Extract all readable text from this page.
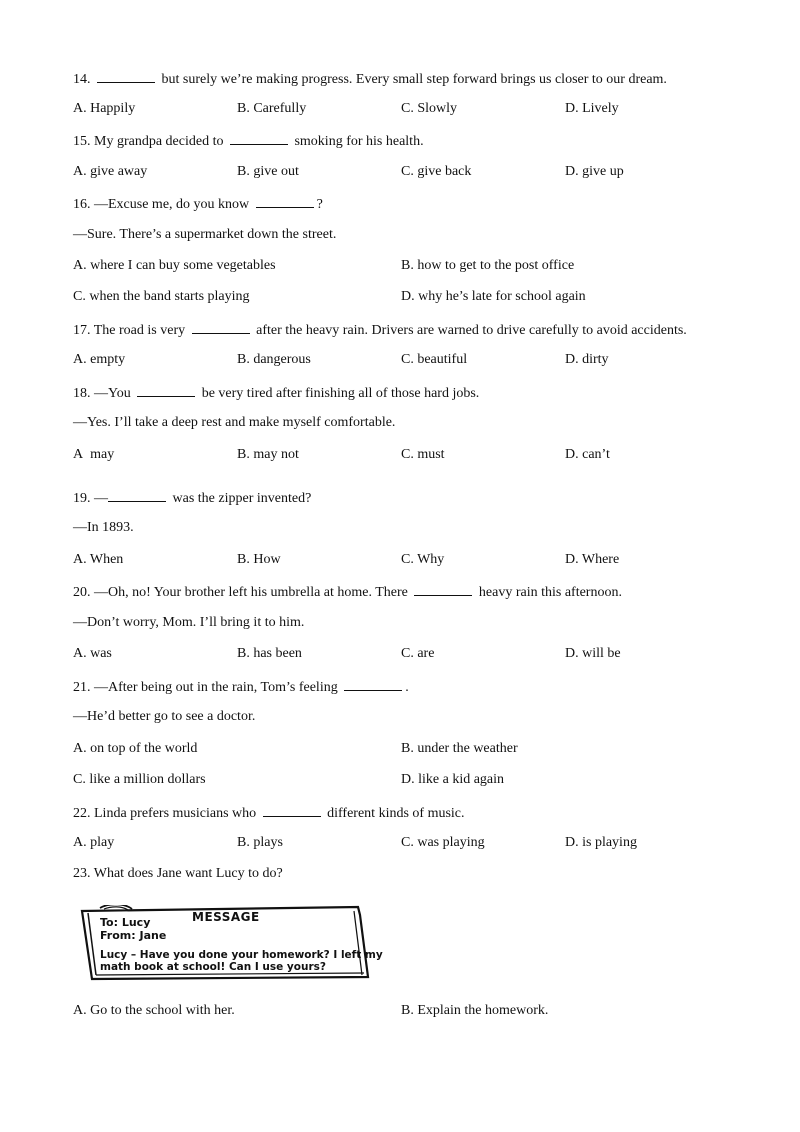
14.	but surely we’re making progress. Every small step forward brings us closer to our dream.
A. Happily	B. Carefully	C. Slowly	D. Lively
15. My grandpa decided to	smoking for his health.
A. give away	B. give out	C. give back	D. give up
16. —Excuse me, do you know	?
—Sure. There’s a supermarket down the street.
A. where I can buy some vegetables	B. how to get to the post office
C. when the band starts playing	D. why he’s late for school again
17. The road is very	after the heavy rain. Drivers are warned to drive carefully to avoid accidents.
A. empty	B. dangerous	C. beautiful	D. dirty
18. —You	be very tired after finishing all of those hard jobs.
—Yes. I’ll take a deep rest and make myself comfortable.
A may	B. may not	C. must	D. can’t
19. —	was the zipper invented?
—In 1893.
A. When	B. How	C. Why	D. Where
20. —Oh, no! Your brother left his umbrella at home. There	heavy rain this afternoon.
—Don’t worry, Mom. I’ll bring it to him.
A. was	B. has been	C. are	D. will be
21. —After being out in the rain, Tom’s feeling	.
—He’d better go to see a doctor.
A. on top of the world	B. under the weather
C. like a million dollars	D. like a kid again
22. Linda prefers musicians who	different kinds of music.
A. play	B. plays	C. was playing	D. is playing
23. What does Jane want Lucy to do?
To: Lucy	MESSAGE
From: Jane
Lucy – Have you done your homework? I left my
math book at school! Can I use yours?
A. Go to the school with her.	B. Explain the homework.
